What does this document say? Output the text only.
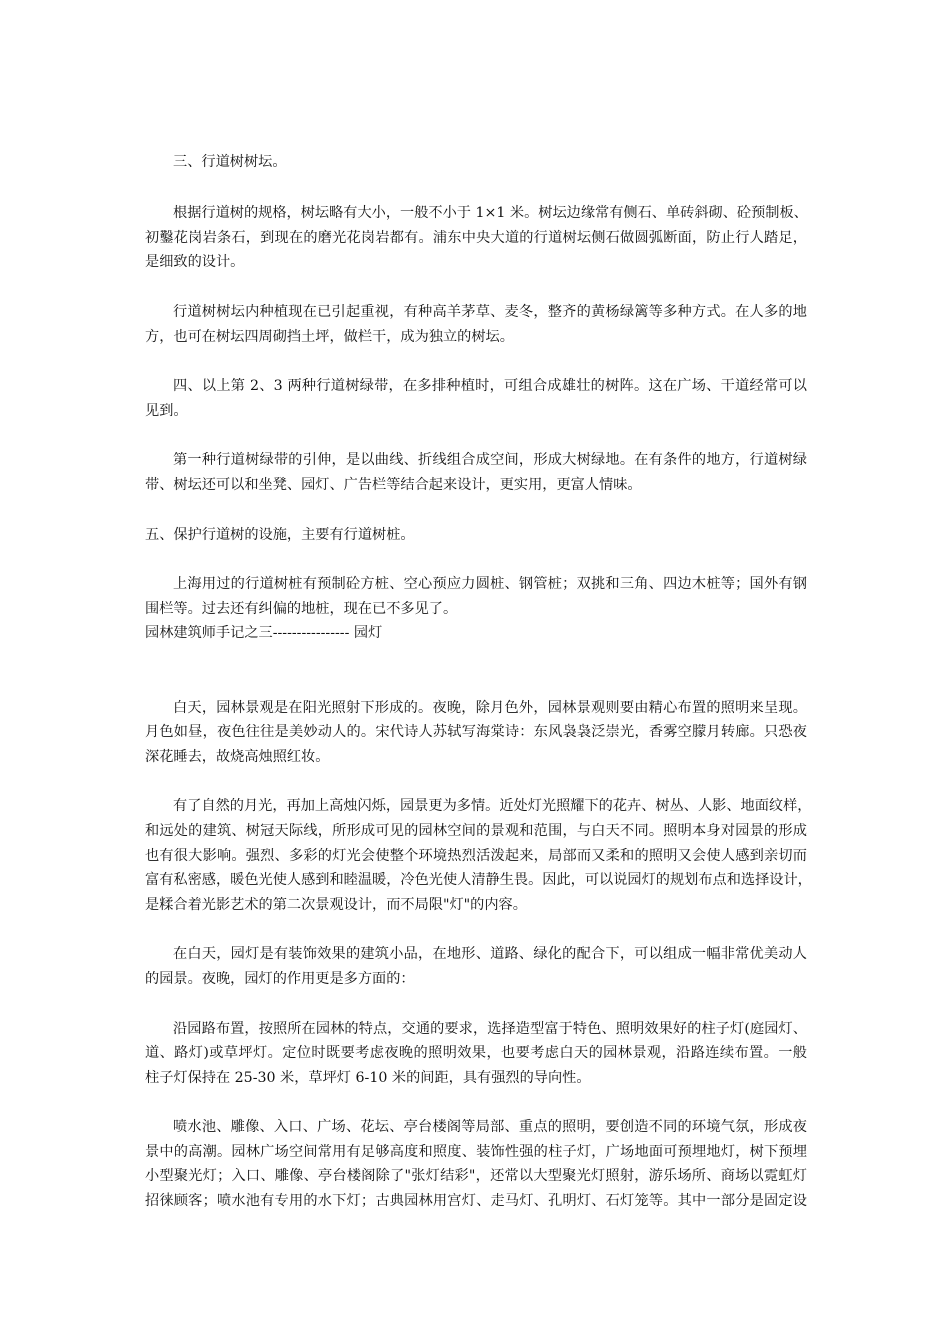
三、行道树树坛。
根据行道树的规格，树坛略有大小，一般不小于 1×1 米。树坛边缘常有侧石、单砖斜砌、砼预制板、
初鑿花岗岩条石，到现在的磨光花岗岩都有。浦东中央大道的行道树坛侧石做圆弧断面，防止行人踏足，
是细致的设计。
行道树树坛内种植现在已引起重视，有种高羊茅草、麦冬，整齐的黄杨绿篱等多种方式。在人多的地
方，也可在树坛四周砌挡土坪，做栏干，成为独立的树坛。
四、以上第 2、3 两种行道树绿带，在多排种植时，可组合成雄壮的树阵。这在广场、干道经常可以
见到。
第一种行道树绿带的引伸，是以曲线、折线组合成空间，形成大树绿地。在有条件的地方，行道树绿
带、树坛还可以和坐凳、园灯、广告栏等结合起来设计，更实用，更富人情味。
五、保护行道树的设施，主要有行道树桩。
上海用过的行道树桩有预制砼方桩、空心预应力圆桩、钢管桩；双挑和三角、四边木桩等；国外有钢
围栏等。过去还有纠偏的地桩，现在已不多见了。
园林建筑师手记之三---------------- 园灯
白天，园林景观是在阳光照射下形成的。夜晚，除月色外，园林景观则要由精心布置的照明来呈现。
月色如昼，夜色往往是美妙动人的。宋代诗人苏轼写海棠诗：东风袅袅泛崇光，香雾空朦月转廊。只恐夜
深花睡去，故烧高烛照红妆。
有了自然的月光，再加上高烛闪烁，园景更为多情。近处灯光照耀下的花卉、树丛、人影、地面纹样，
和远处的建筑、树冠天际线，所形成可见的园林空间的景观和范围，与白天不同。照明本身对园景的形成
也有很大影响。强烈、多彩的灯光会使整个环境热烈活泼起来，局部而又柔和的照明又会使人感到亲切而
富有私密感，暖色光使人感到和睦温暖，冷色光使人清静生畏。因此，可以说园灯的规划布点和选择设计，
是糅合着光影艺术的第二次景观设计，而不局限"灯"的内容。
在白天，园灯是有装饰效果的建筑小品，在地形、道路、绿化的配合下，可以组成一幅非常优美动人
的园景。夜晚，园灯的作用更是多方面的：
沿园路布置，按照所在园林的特点，交通的要求，选择造型富于特色、照明效果好的柱子灯(庭园灯、
道、路灯)或草坪灯。定位时既要考虑夜晚的照明效果，也要考虑白天的园林景观，沿路连续布置。一般
柱子灯保持在 25-30 米，草坪灯 6-10 米的间距，具有强烈的导向性。
喷水池、雕像、入口、广场、花坛、亭台楼阁等局部、重点的照明，要创造不同的环境气氛，形成夜
景中的高潮。园林广场空间常用有足够高度和照度、装饰性强的柱子灯，广场地面可预埋地灯，树下预埋
小型聚光灯；入口、雕像、亭台楼阁除了"张灯结彩"，还常以大型聚光灯照射，游乐场所、商场以霓虹灯
招徕顾客；喷水池有专用的水下灯；古典园林用宫灯、走马灯、孔明灯、石灯笼等。其中一部分是固定设
